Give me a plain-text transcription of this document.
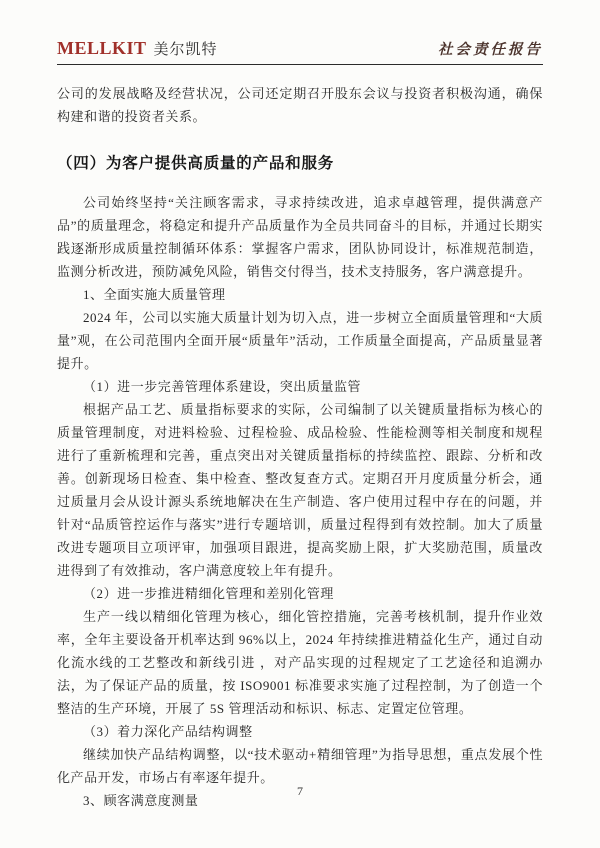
MELLKIT 美尔凯特	社会责任报告

公司的发展战略及经营状况，公司还定期召开股东会议与投资者积极沟通，确保构建和谐的投资者关系。

（四）为客户提供高质量的产品和服务

公司始终坚持“关注顾客需求，寻求持续改进，追求卓越管理，提供满意产品”的质量理念，将稳定和提升产品质量作为全员共同奋斗的目标，并通过长期实践逐渐形成质量控制循环体系：掌握客户需求，团队协同设计，标准规范制造，监测分析改进，预防减免风险，销售交付得当，技术支持服务，客户满意提升。

1、全面实施大质量管理

2024 年，公司以实施大质量计划为切入点，进一步树立全面质量管理和“大质量”观，在公司范围内全面开展“质量年”活动，工作质量全面提高，产品质量显著提升。

（1）进一步完善管理体系建设，突出质量监管

根据产品工艺、质量指标要求的实际，公司编制了以关键质量指标为核心的质量管理制度，对进料检验、过程检验、成品检验、性能检测等相关制度和规程进行了重新梳理和完善，重点突出对关键质量指标的持续监控、跟踪、分析和改善。创新现场日检查、集中检查、整改复查方式。定期召开月度质量分析会，通过质量月会从设计源头系统地解决在生产制造、客户使用过程中存在的问题，并针对“品质管控运作与落实”进行专题培训，质量过程得到有效控制。加大了质量改进专题项目立项评审，加强项目跟进，提高奖励上限，扩大奖励范围，质量改进得到了有效推动，客户满意度较上年有提升。

（2）进一步推进精细化管理和差别化管理

生产一线以精细化管理为核心，细化管控措施，完善考核机制，提升作业效率，全年主要设备开机率达到 96%以上，2024 年持续推进精益化生产，通过自动化流水线的工艺整改和新线引进 ，对产品实现的过程规定了工艺途径和追溯办法，为了保证产品的质量，按 ISO9001 标准要求实施了过程控制，为了创造一个整洁的生产环境，开展了 5S 管理活动和标识、标志、定置定位管理。

（3）着力深化产品结构调整

继续加快产品结构调整，以“技术驱动+精细管理”为指导思想，重点发展个性化产品开发，市场占有率逐年提升。

3、顾客满意度测量

7
